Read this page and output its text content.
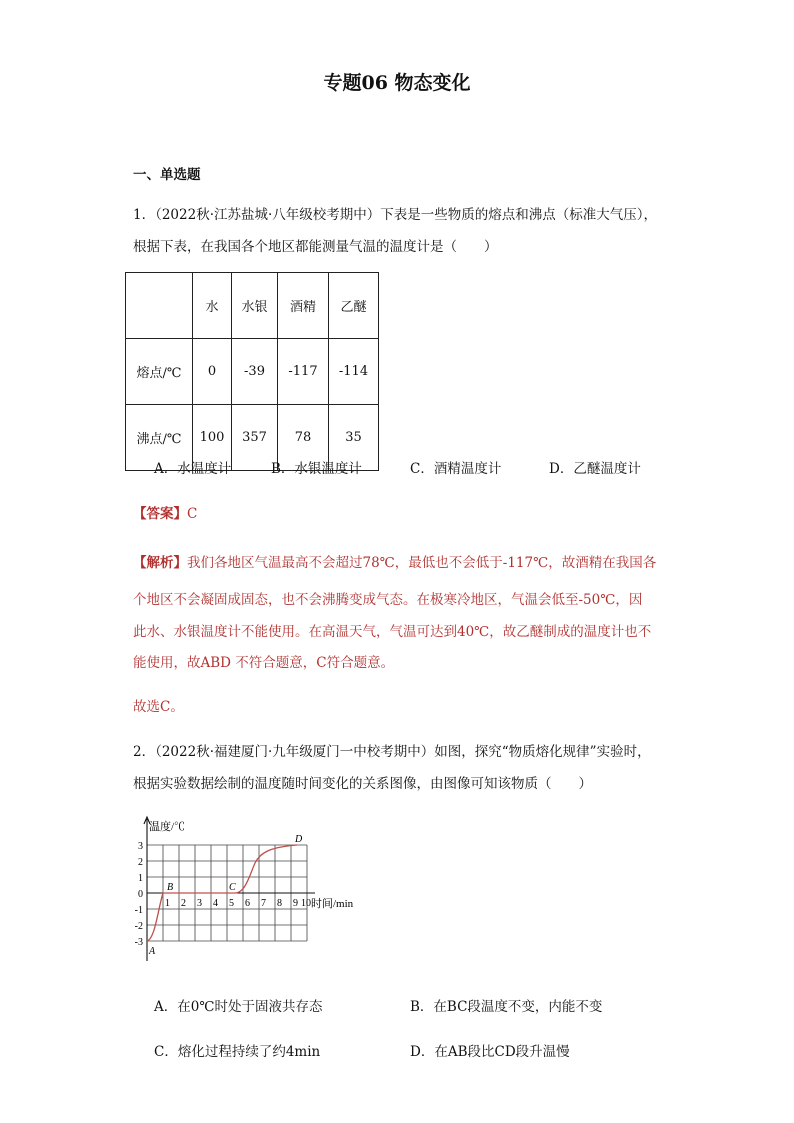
专题06 物态变化
一、单选题
1．（2022秋·江苏盐城·八年级校考期中）下表是一些物质的熔点和沸点（标准大气压），
根据下表，在我国各个地区都能测量气温的温度计是（　　）
	水	水银	酒精	乙醚
熔点/℃	0	-39	-117	-114
沸点/℃	100	357	78	35
A．水温度计	B．水银温度计	C．酒精温度计	D．乙醚温度计
【答案】C
【解析】我们各地区气温最高不会超过78℃，最低也不会低于-117℃，故酒精在我国各
个地区不会凝固成固态，也不会沸腾变成气态。在极寒冷地区，气温会低至-50℃，因
此水、水银温度计不能使用。在高温天气，气温可达到40℃，故乙醚制成的温度计也不
能使用，故ABD 不符合题意，C符合题意。
故选C。
2．（2022秋·福建厦门·九年级厦门一中校考期中）如图，探究“物质熔化规律”实验时，
根据实验数据绘制的温度随时间变化的关系图像，由图像可知该物质（　　）
温度/℃
时间/min
3
2
1
0
-1
-2
-3
1 2 3 4 5 6 7 8 9 10
A
B	C
D
A．在0℃时处于固液共存态	B．在BC段温度不变，内能不变
C．熔化过程持续了约4min	D．在AB段比CD段升温慢
